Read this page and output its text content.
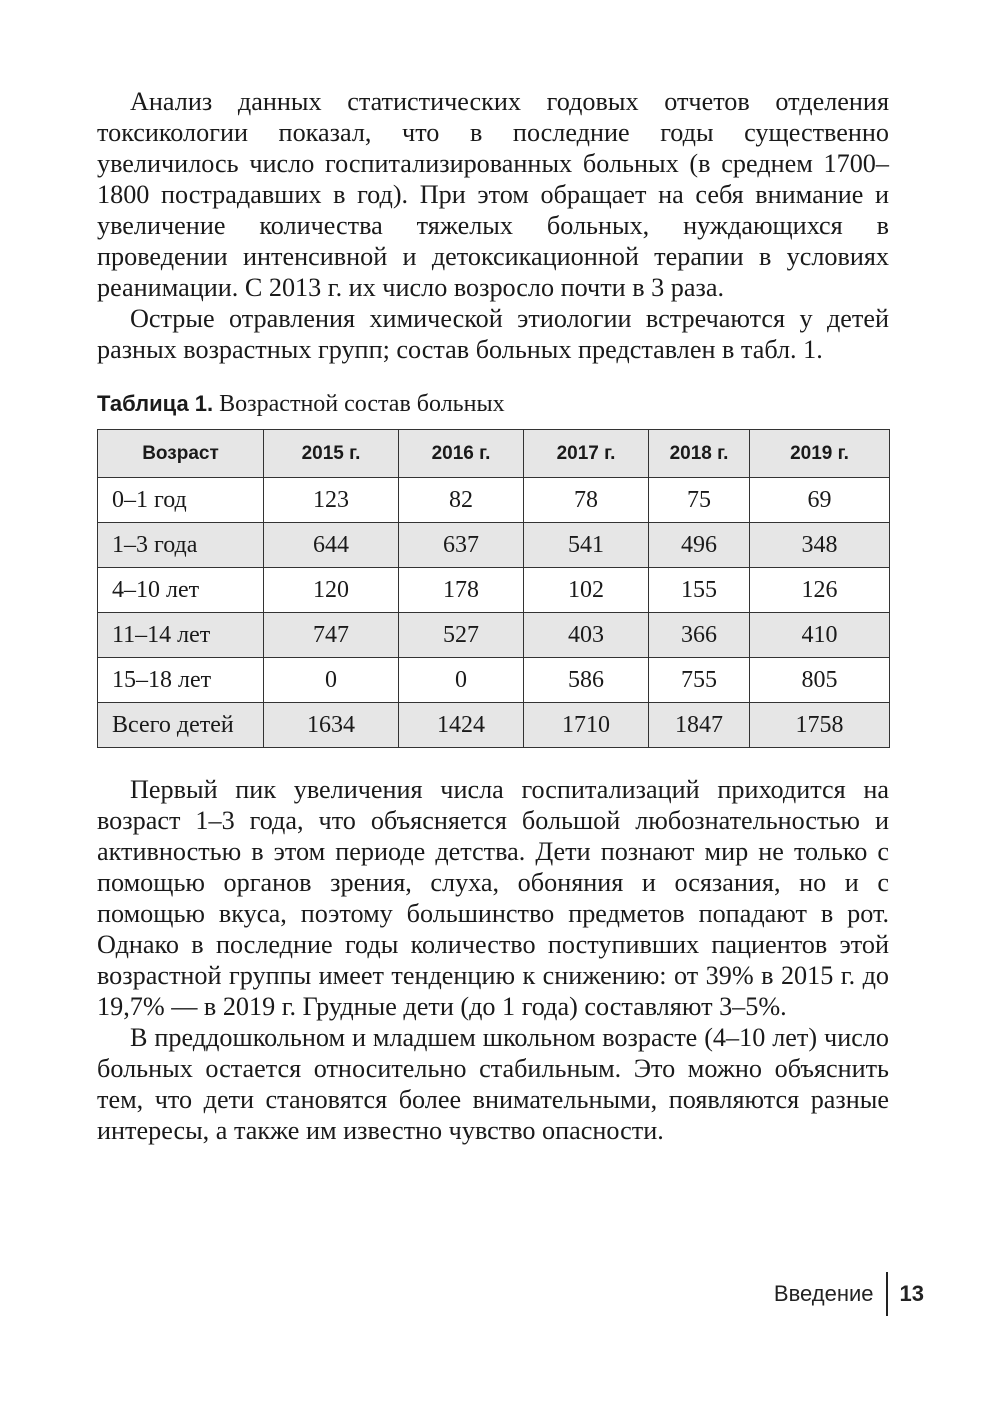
Анализ данных статистических годовых отчетов отделения токсикологии показал, что в последние годы существенно увеличилось число госпитализированных больных (в среднем 1700–1800 пострадавших в год). При этом обращает на себя внимание и увеличение количества тяжелых больных, нуждающихся в проведении интенсивной и детоксикационной терапии в условиях реанимации. С 2013 г. их число возросло почти в 3 раза.

Острые отравления химической этиологии встречаются у детей разных возрастных групп; состав больных представлен в табл. 1.

Таблица 1. Возрастной состав больных
Возраст	2015 г.	2016 г.	2017 г.	2018 г.	2019 г.
0–1 год	123	82	78	75	69
1–3 года	644	637	541	496	348
4–10 лет	120	178	102	155	126
11–14 лет	747	527	403	366	410
15–18 лет	0	0	586	755	805
Всего детей	1634	1424	1710	1847	1758

Первый пик увеличения числа госпитализаций приходится на возраст 1–3 года, что объясняется большой любознательностью и активностью в этом периоде детства. Дети познают мир не только с помощью органов зрения, слуха, обоняния и осязания, но и с помощью вкуса, поэтому большинство предметов попадают в рот. Однако в последние годы количество поступивших пациентов этой возрастной группы имеет тенденцию к снижению: от 39% в 2015 г. до 19,7% — в 2019 г. Грудные дети (до 1 года) составляют 3–5%.

В преддошкольном и младшем школьном возрасте (4–10 лет) число больных остается относительно стабильным. Это можно объяснить тем, что дети становятся более внимательными, появляются разные интересы, а также им известно чувство опасности.

Введение	13
